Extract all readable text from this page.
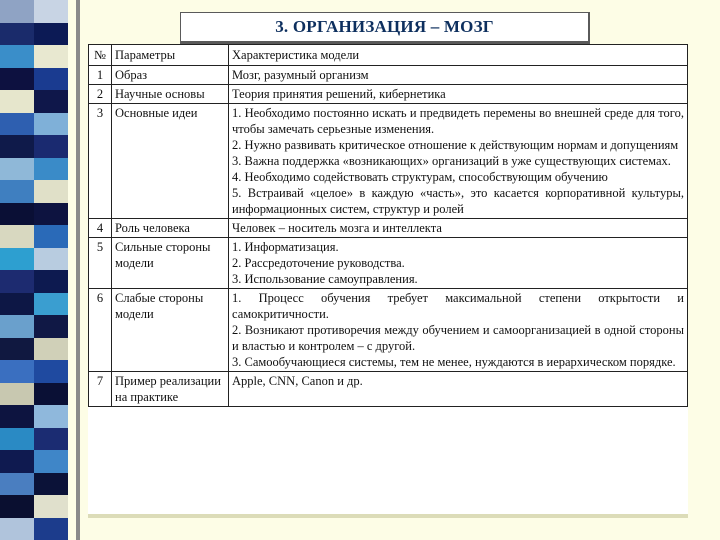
3. ОРГАНИЗАЦИЯ – МОЗГ
№	Параметры	Характеристика модели
1	Образ	Мозг, разумный организм

2	Научные основы	Теория принятия решений, кибернетика

3	Основные идеи	1. Необходимо постоянно искать и предвидеть перемены во внешней среде для того, чтобы замечать серьезные изменения.
2. Нужно развивать критическое отношение к действующим нормам и допущениям
3. Важна поддержка «возникающих» организаций в уже существующих системах.
4. Необходимо содействовать структурам, способствующим обучению
5. Встраивай «целое» в каждую «часть», это касается корпоративной культуры, информационных систем, структур и ролей

4	Роль человека	Человек – носитель мозга и интеллекта

5	Сильные стороны модели	1. Информатизация.
2. Рассредоточение руководства.
3. Использование самоуправления.

6	Слабые стороны модели	1. Процесс обучения требует максимальной степени открытости и самокритичности.
2. Возникают противоречия между обучением и самоорганизацией в одной стороны и властью и контролем – с другой.
3. Самообучающиеся системы, тем не менее, нуждаются в иерархическом порядке.

7	Пример реализации на практике	Apple, CNN, Canon и др.
